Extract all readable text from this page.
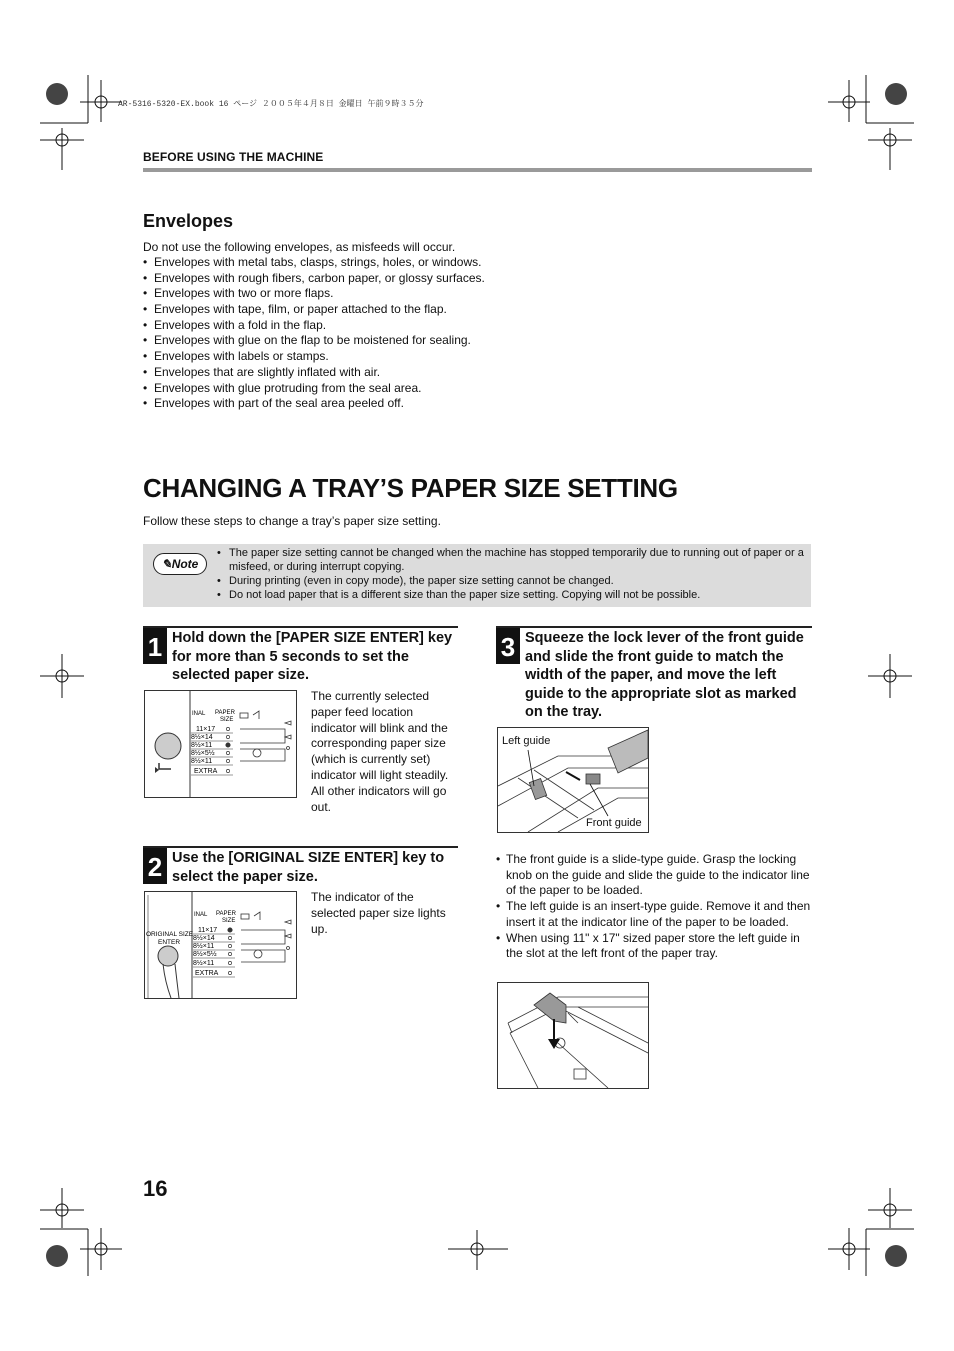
AR-5316-5320-EX.book 16 ページ ２００５年４月８日 金曜日 午前９時３５分
BEFORE USING THE MACHINE
Envelopes
Do not use the following envelopes, as misfeeds will occur.
• Envelopes with metal tabs, clasps, strings, holes, or windows.
• Envelopes with rough fibers, carbon paper, or glossy surfaces.
• Envelopes with two or more flaps.
• Envelopes with tape, film, or paper attached to the flap.
• Envelopes with a fold in the flap.
• Envelopes with glue on the flap to be moistened for sealing.
• Envelopes with labels or stamps.
• Envelopes that are slightly inflated with air.
• Envelopes with glue protruding from the seal area.
• Envelopes with part of the seal area peeled off.
CHANGING A TRAY’S PAPER SIZE SETTING
Follow these steps to change a tray’s paper size setting.
✎Note
• The paper size setting cannot be changed when the machine has stopped temporarily due to running out of paper or a misfeed, or during interrupt copying.
• During printing (even in copy mode), the paper size setting cannot be changed.
• Do not load paper that is a different size than the paper size setting. Copying will not be possible.
1 Hold down the [PAPER SIZE ENTER] key for more than 5 seconds to set the selected paper size.
INAL PAPER
SIZE
11×17
8½×14
8½×11
8½×5½
8½×11
EXTRA
The currently selected paper feed location indicator will blink and the corresponding paper size (which is currently set) indicator will light steadily. All other indicators will go out.
2 Use the [ORIGINAL SIZE ENTER] key to select the paper size.
ORIGINAL SIZE
ENTER
INAL PAPER
SIZE
11×17
8½×14
8½×11
8½×5½
8½×11
EXTRA
The indicator of the selected paper size lights up.
3 Squeeze the lock lever of the front guide and slide the front guide to match the width of the paper, and move the left guide to the appropriate slot as marked on the tray.
Left guide
Front guide
• The front guide is a slide-type guide. Grasp the locking knob on the guide and slide the guide to the indicator line of the paper to be loaded.
• The left guide is an insert-type guide. Remove it and then insert it at the indicator line of the paper to be loaded.
• When using 11" x 17" sized paper store the left guide in the slot at the left front of the paper tray.
16
